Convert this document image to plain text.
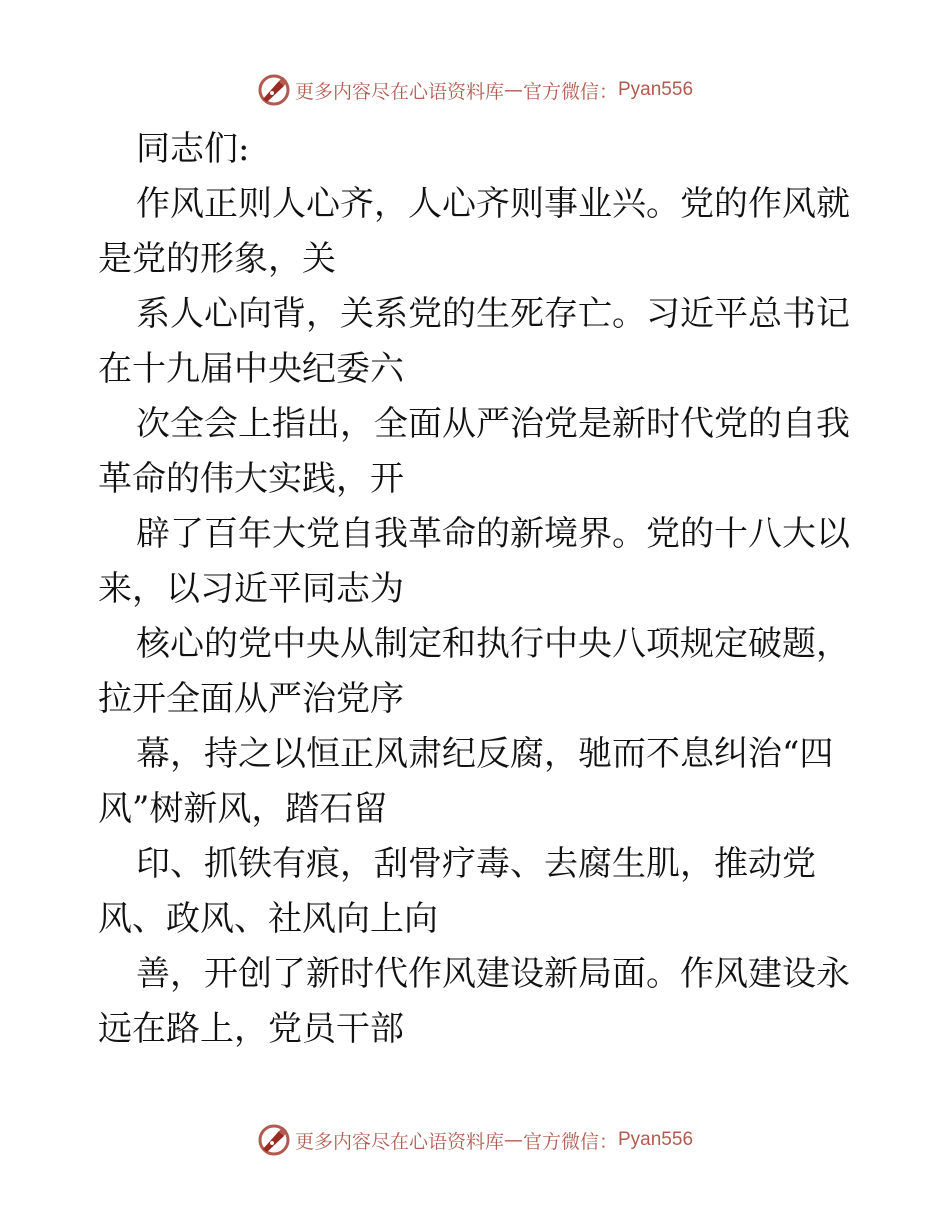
更多内容尽在心语资料库 — 官方微信： Pyan556
同志们:
作风正则人心齐，人心齐则事业兴。党的作风就
是党的形象，关
系人心向背，关系党的生死存亡。习近平总书记
在十九届中央纪委六
次全会上指出，全面从严治党是新时代党的自我
革命的伟大实践，开
辟了百年大党自我革命的新境界。党的十八大以
来，以习近平同志为
核心的党中央从制定和执行中央八项规定破题，
拉开全面从严治党序
幕，持之以恒正风肃纪反腐，驰而不息纠治“四
风”树新风，踏石留
印、抓铁有痕，刮骨疗毒、去腐生肌，推动党
风、政风、社风向上向
善，开创了新时代作风建设新局面。作风建设永
远在路上，党员干部
更多内容尽在心语资料库 — 官方微信： Pyan556
